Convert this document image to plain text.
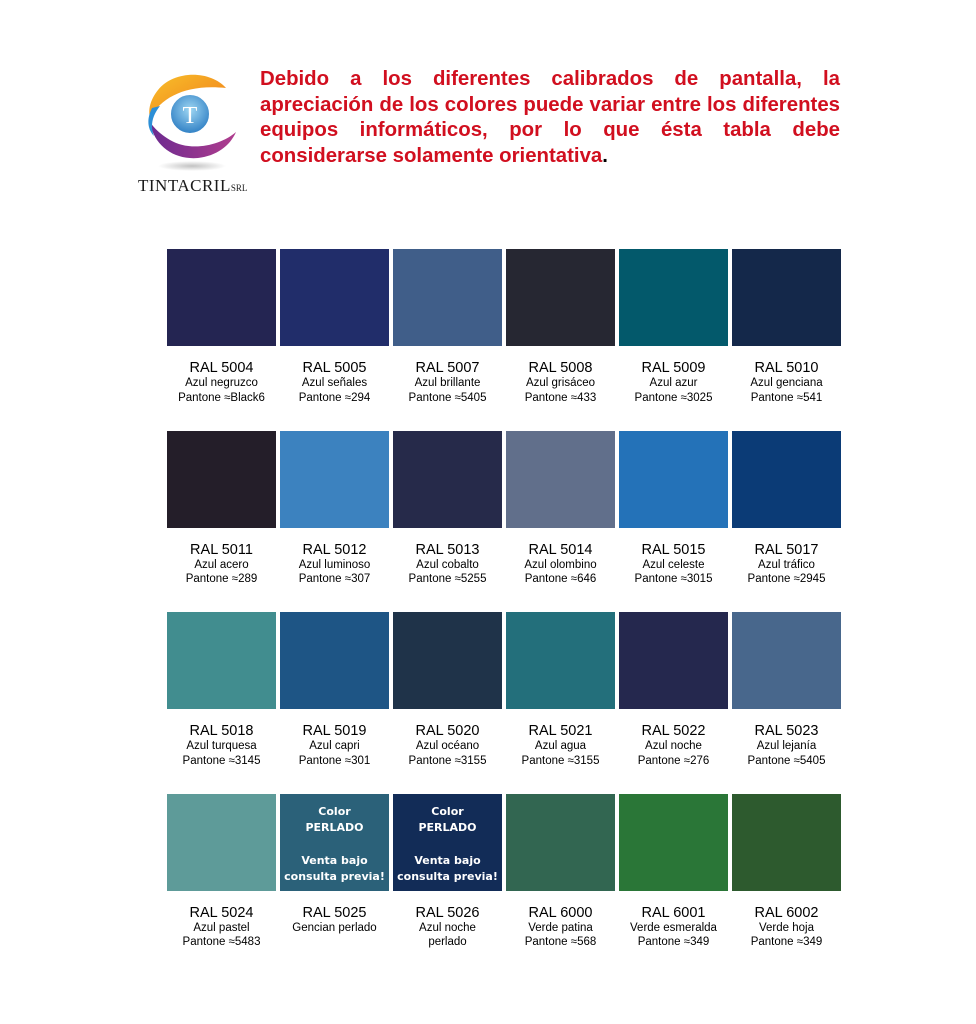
T
TINTACRILSRL
Debido a los diferentes calibrados de pantalla, la apreciación de los colores puede variar entre los diferentes equipos informáticos, por lo que ésta tabla debe considerarse solamente orientativa.
RAL 5004
Azul negruzco
Pantone ≈Black6
RAL 5005
Azul señales
Pantone ≈294
RAL 5007
Azul brillante
Pantone ≈5405
RAL 5008
Azul grisáceo
Pantone ≈433
RAL 5009
Azul azur
Pantone ≈3025
RAL 5010
Azul genciana
Pantone ≈541
RAL 5011
Azul acero
Pantone ≈289
RAL 5012
Azul luminoso
Pantone ≈307
RAL 5013
Azul cobalto
Pantone ≈5255
RAL 5014
Azul olombino
Pantone ≈646
RAL 5015
Azul celeste
Pantone ≈3015
RAL 5017
Azul tráfico
Pantone ≈2945
RAL 5018
Azul turquesa
Pantone ≈3145
RAL 5019
Azul capri
Pantone ≈301
RAL 5020
Azul océano
Pantone ≈3155
RAL 5021
Azul agua
Pantone ≈3155
RAL 5022
Azul noche
Pantone ≈276
RAL 5023
Azul lejanía
Pantone ≈5405
RAL 5024
Azul pastel
Pantone ≈5483
Color
PERLADO
Venta bajo
consulta previa!
RAL 5025
Gencian perlado
Color
PERLADO
Venta bajo
consulta previa!
RAL 5026
Azul noche
perlado
RAL 6000
Verde patina
Pantone ≈568
RAL 6001
Verde esmeralda
Pantone ≈349
RAL 6002
Verde hoja
Pantone ≈349
